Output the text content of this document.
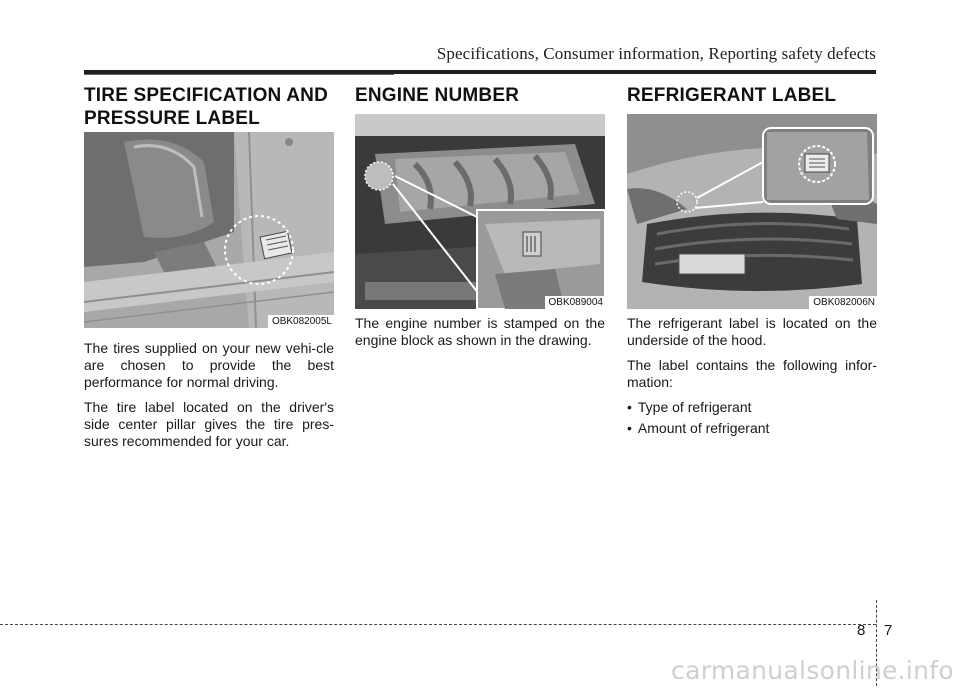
Specifications, Consumer information, Reporting safety defects
TIRE SPECIFICATION AND
PRESSURE LABEL
OBK082005L

The tires supplied on your new vehi-cle are chosen to provide the best performance for normal driving.

The tire label located on the driver's side center pillar gives the tire pres-sures recommended for your car.

ENGINE NUMBER
OBK089004

The engine number is stamped on the engine block as shown in the drawing.

REFRIGERANT LABEL
OBK082006N

The refrigerant label is located on the underside of the hood.

The label contains the following infor-mation:

• Type of refrigerant
• Amount of refrigerant
8 7
carmanualsonline.info
